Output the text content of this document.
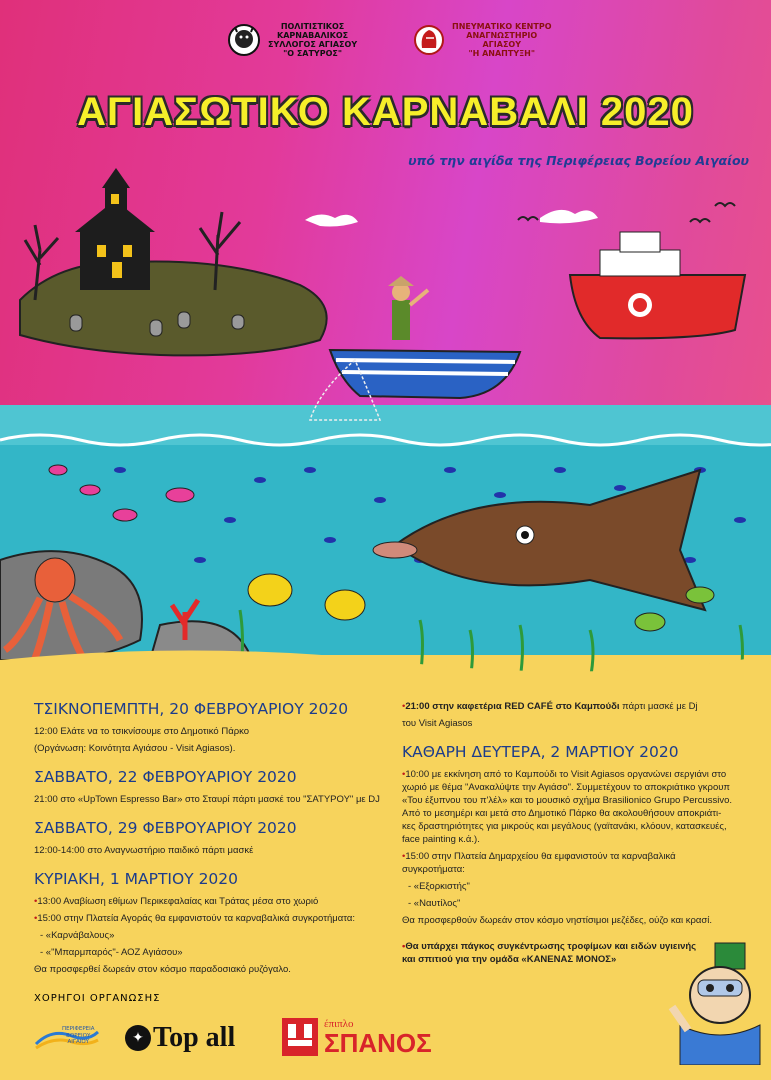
ΠΟΛΙΤΙΣΤΙΚΟΣ
ΚΑΡΝΑΒΑΛΙΚΟΣ
ΣΥΛΛΟΓΟΣ ΑΓΙΑΣΟΥ
"Ο ΣΑΤΥΡΟΣ"
ΠΝΕΥΜΑΤΙΚΟ ΚΕΝΤΡΟ
ΑΝΑΓΝΩΣΤΗΡΙΟ
ΑΓΙΑΣΟΥ
"Η ΑΝΑΠΤΥΞΗ"
ΑΓΙΑΣΩΤΙΚΟ ΚΑΡΝΑΒΑΛΙ 2020
υπό την αιγίδα της Περιφέρειας Βορείου Αιγαίου
ΤΣΙΚΝΟΠΕΜΠΤΗ, 20 ΦΕΒΡΟΥΑΡΙΟΥ 2020
12:00 Ελάτε να το τσικνίσουμε στο Δημοτικό Πάρκο
(Οργάνωση: Κοινότητα Αγιάσου - Visit Agiasos).
ΣΑΒΒΑΤΟ, 22 ΦΕΒΡΟΥΑΡΙΟΥ 2020
21:00 στο «UpTown Espresso Bar» στο Σταυρί πάρτι μασκέ του "ΣΑΤΥΡΟΥ" με DJ
ΣΑΒΒΑΤΟ, 29 ΦΕΒΡΟΥΑΡΙΟΥ 2020
12:00-14:00 στο Αναγνωστήριο παιδικό πάρτι μασκέ
ΚΥΡΙΑΚΗ, 1 ΜΑΡΤΙΟΥ 2020
•13:00 Αναβίωση εθίμων Περικεφαλαίας και Τράτας μέσα στο χωριό
•15:00 στην Πλατεία Αγοράς θα εμφανιστούν τα καρναβαλικά συγκροτήματα:
- «Καρνάβαλους»
- «"Μπαρμπαρός"- ΑΟΖ Αγιάσου»
Θα προσφερθεί δωρεάν στον κόσμο παραδοσιακό ρυζόγαλο.
•21:00 στην καφετέρια RED CAFÉ στο Καμπούδι πάρτι μασκέ με Dj
του Visit Agiasos
ΚΑΘΑΡΗ ΔΕΥΤΕΡΑ, 2 ΜΑΡΤΙΟΥ 2020
•10:00 με εκκίνηση από το Καμπούδι το Visit Agiasos οργανώνει σεργιάνι στο
χωριό με θέμα "Ανακαλύψτε την Αγιάσο". Συμμετέχουν το αποκριάτικο γκρουπ
«Του έξυπνου του π'λέλ» και το μουσικό σχήμα Brasilionico Grupo Percussivo.
Από το μεσημέρι και μετά στο Δημοτικό Πάρκο θα ακολουθήσουν αποκριάτι-
κες δραστηριότητες για μικρούς και μεγάλους (γαϊτανάκι, κλόουν, κατασκευές,
face painting κ.ά.).
•15:00 στην Πλατεία Δημαρχείου θα εμφανιστούν τα καρναβαλικά
συγκροτήματα:
- «Εξορκιστής"
- «Ναυτίλος"
Θα προσφερθούν δωρεάν στον κόσμο νηστίσιμοι μεζέδες, ούζο και κρασί.
•Θα υπάρχει πάγκος συγκέντρωσης τροφίμων και ειδών υγιεινής
και σπιτιού για την ομάδα «ΚΑΝΕΝΑΣ ΜΟΝΟΣ»
ΧΟΡΗΓΟΙ ΟΡΓΑΝΩΣΗΣ
ΠΕΡΙΦΕΡΕΙΑ
ΒΟΡΕΙΟΥ
ΑΙΓΑΙΟΥ	✦ Top all	έπιπλο
ΣΠΑΝΟΣ
